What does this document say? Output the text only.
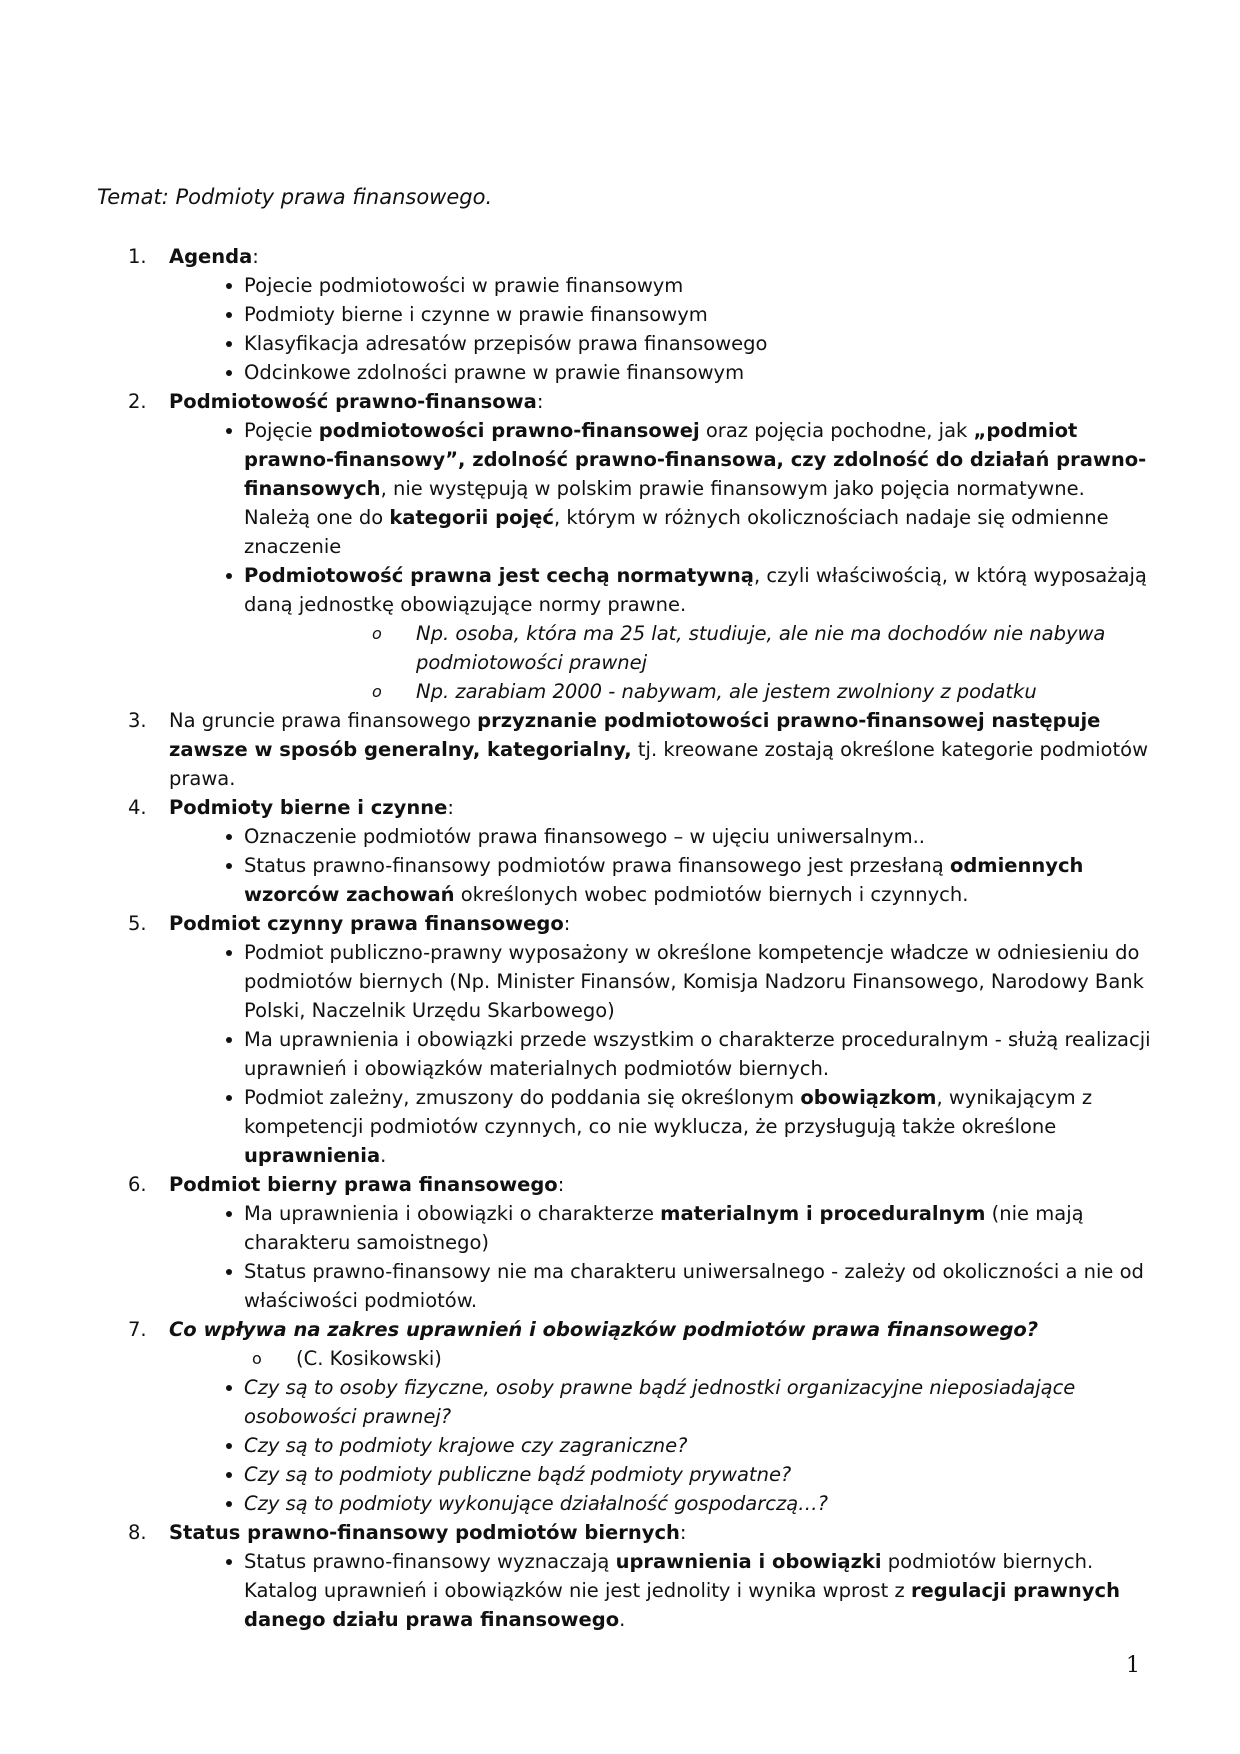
Temat: Podmioty prawa finansowego.
1. Agenda:
Pojecie podmiotowości w prawie finansowym
Podmioty bierne i czynne w prawie finansowym
Klasyfikacja adresatów przepisów prawa finansowego
Odcinkowe zdolności prawne w prawie finansowym
2. Podmiotowość prawno-finansowa:
Pojęcie podmiotowości prawno-finansowej oraz pojęcia pochodne, jak „podmiot prawno-finansowy”, zdolność prawno-finansowa, czy zdolność do działań prawno-finansowych, nie występują w polskim prawie finansowym jako pojęcia normatywne. Należą one do kategorii pojęć, którym w różnych okolicznościach nadaje się odmienne znaczenie
Podmiotowość prawna jest cechą normatywną, czyli właściwością, w którą wyposażają daną jednostkę obowiązujące normy prawne.
o Np. osoba, która ma 25 lat, studiuje, ale nie ma dochodów nie nabywa podmiotowości prawnej
o Np. zarabiam 2000 - nabywam, ale jestem zwolniony z podatku
3. Na gruncie prawa finansowego przyznanie podmiotowości prawno-finansowej następuje zawsze w sposób generalny, kategorialny, tj. kreowane zostają określone kategorie podmiotów prawa.
4. Podmioty bierne i czynne:
Oznaczenie podmiotów prawa finansowego – w ujęciu uniwersalnym..
Status prawno-finansowy podmiotów prawa finansowego jest przesłaną odmiennych wzorców zachowań określonych wobec podmiotów biernych i czynnych.
5. Podmiot czynny prawa finansowego:
Podmiot publiczno-prawny wyposażony w określone kompetencje władcze w odniesieniu do podmiotów biernych (Np. Minister Finansów, Komisja Nadzoru Finansowego, Narodowy Bank Polski, Naczelnik Urzędu Skarbowego)
Ma uprawnienia i obowiązki przede wszystkim o charakterze proceduralnym - służą realizacji uprawnień i obowiązków materialnych podmiotów biernych.
Podmiot zależny, zmuszony do poddania się określonym obowiązkom, wynikającym z kompetencji podmiotów czynnych, co nie wyklucza, że przysługują także określone uprawnienia.
6. Podmiot bierny prawa finansowego:
Ma uprawnienia i obowiązki o charakterze materialnym i proceduralnym (nie mają charakteru samoistnego)
Status prawno-finansowy nie ma charakteru uniwersalnego - zależy od okoliczności a nie od właściwości podmiotów.
7. Co wpływa na zakres uprawnień i obowiązków podmiotów prawa finansowego?
o (C. Kosikowski)
Czy są to osoby fizyczne, osoby prawne bądź jednostki organizacyjne nieposiadające osobowości prawnej?
Czy są to podmioty krajowe czy zagraniczne?
Czy są to podmioty publiczne bądź podmioty prywatne?
Czy są to podmioty wykonujące działalność gospodarczą…?
8. Status prawno-finansowy podmiotów biernych:
Status prawno-finansowy wyznaczają uprawnienia i obowiązki podmiotów biernych. Katalog uprawnień i obowiązków nie jest jednolity i wynika wprost z regulacji prawnych danego działu prawa finansowego.
1
